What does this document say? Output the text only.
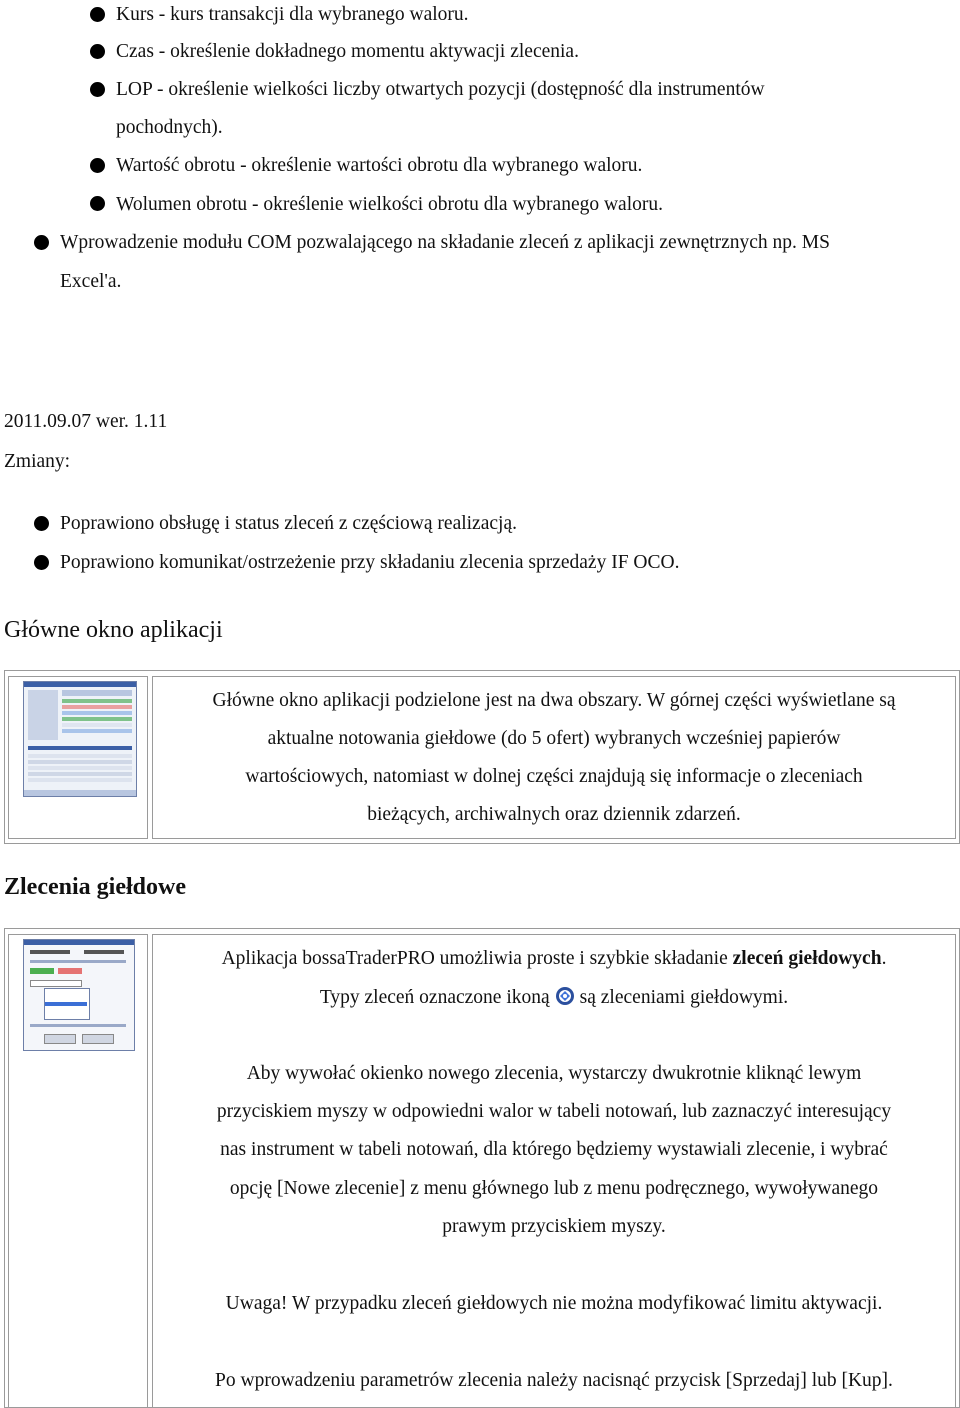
Kurs - kurs transakcji dla wybranego waloru.
Czas - określenie dokładnego momentu aktywacji zlecenia.
LOP - określenie wielkości liczby otwartych pozycji (dostępność dla instrumentów
pochodnych).
Wartość obrotu - określenie wartości obrotu dla wybranego waloru.
Wolumen obrotu - określenie wielkości obrotu dla wybranego waloru.
Wprowadzenie modułu COM pozwalającego na składanie zleceń z aplikacji zewnętrznych np. MS
Excel'a.
2011.09.07 wer. 1.11
Zmiany:
Poprawiono obsługę i status zleceń z częściową realizacją.
Poprawiono komunikat/ostrzeżenie przy składaniu zlecenia sprzedaży IF OCO.
Główne okno aplikacji
Główne okno aplikacji podzielone jest na dwa obszary. W górnej części wyświetlane są
aktualne notowania giełdowe (do 5 ofert) wybranych wcześniej papierów
wartościowych, natomiast w dolnej części znajdują się informacje o zleceniach
bieżących, archiwalnych oraz dziennik zdarzeń.
Zlecenia giełdowe
Aplikacja bossaTraderPRO umożliwia proste i szybkie składanie zleceń giełdowych.
Typy zleceń oznaczone ikoną są zleceniami giełdowymi.
Aby wywołać okienko nowego zlecenia, wystarczy dwukrotnie kliknąć lewym
przyciskiem myszy w odpowiedni walor w tabeli notowań, lub zaznaczyć interesujący
nas instrument w tabeli notowań, dla którego będziemy wystawiali zlecenie, i wybrać
opcję [Nowe zlecenie] z menu głównego lub z menu podręcznego, wywoływanego
prawym przyciskiem myszy.
Uwaga! W przypadku zleceń giełdowych nie można modyfikować limitu aktywacji.
Po wprowadzeniu parametrów zlecenia należy nacisnąć przycisk [Sprzedaj] lub [Kup].
